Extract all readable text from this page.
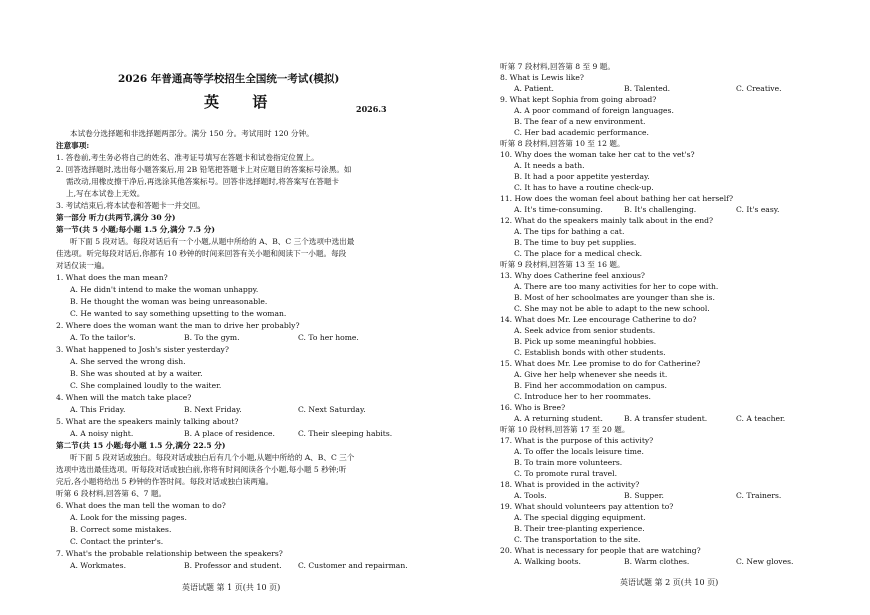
2026 年普通高等学校招生全国统一考试(模拟)
英 语	2026.3
本试卷分选择题和非选择题两部分。满分 150 分。考试用时 120 分钟。
注意事项:
1. 答卷前,考生务必将自己的姓名、准考证号填写在答题卡和试卷指定位置上。
2. 回答选择题时,选出每小题答案后,用 2B 铅笔把答题卡上对应题目的答案标号涂黑。如
需改动,用橡皮擦干净后,再选涂其他答案标号。回答非选择题时,将答案写在答题卡
上,写在本试卷上无效。
3. 考试结束后,将本试卷和答题卡一并交回。
第一部分 听力(共两节,满分 30 分)
第一节(共 5 小题;每小题 1.5 分,满分 7.5 分)
听下面 5 段对话。每段对话后有一个小题,从题中所给的 A、B、C 三个选项中选出最
佳选项。听完每段对话后,你都有 10 秒钟的时间来回答有关小题和阅读下一小题。每段
对话仅读一遍。
1. What does the man mean?
A. He didn't intend to make the woman unhappy.
B. He thought the woman was being unreasonable.
C. He wanted to say something upsetting to the woman.
2. Where does the woman want the man to drive her probably?
A. To the tailor's.	B. To the gym.	C. To her home.
3. What happened to Josh's sister yesterday?
A. She served the wrong dish.
B. She was shouted at by a waiter.
C. She complained loudly to the waiter.
4. When will the match take place?
A. This Friday.	B. Next Friday.	C. Next Saturday.
5. What are the speakers mainly talking about?
A. A noisy night.	B. A place of residence.	C. Their sleeping habits.
第二节(共 15 小题;每小题 1.5 分,满分 22.5 分)
听下面 5 段对话或独白。每段对话或独白后有几个小题,从题中所给的 A、B、C 三个
选项中选出最佳选项。听每段对话或独白前,你将有时间阅读各个小题,每小题 5 秒钟;听
完后,各小题将给出 5 秒钟的作答时间。每段对话或独白读两遍。
听第 6 段材料,回答第 6、7 题。
6. What does the man tell the woman to do?
A. Look for the missing pages.
B. Correct some mistakes.
C. Contact the printer's.
7. What's the probable relationship between the speakers?
A. Workmates.	B. Professor and student. C. Customer and repairman.
英语试题 第 1 页(共 10 页)
听第 7 段材料,回答第 8 至 9 题。
8. What is Lewis like?
A. Patient.	B. Talented.	C. Creative.
9. What kept Sophia from going abroad?
A. A poor command of foreign languages.
B. The fear of a new environment.
C. Her bad academic performance.
听第 8 段材料,回答第 10 至 12 题。
10. Why does the woman take her cat to the vet's?
A. It needs a bath.
B. It had a poor appetite yesterday.
C. It has to have a routine check-up.
11. How does the woman feel about bathing her cat herself?
A. It's time-consuming.	B. It's challenging.	C. It's easy.
12. What do the speakers mainly talk about in the end?
A. The tips for bathing a cat.
B. The time to buy pet supplies.
C. The place for a medical check.
听第 9 段材料,回答第 13 至 16 题。
13. Why does Catherine feel anxious?
A. There are too many activities for her to cope with.
B. Most of her schoolmates are younger than she is.
C. She may not be able to adapt to the new school.
14. What does Mr. Lee encourage Catherine to do?
A. Seek advice from senior students.
B. Pick up some meaningful hobbies.
C. Establish bonds with other students.
15. What does Mr. Lee promise to do for Catherine?
A. Give her help whenever she needs it.
B. Find her accommodation on campus.
C. Introduce her to her roommates.
16. Who is Bree?
A. A returning student.	B. A transfer student.	C. A teacher.
听第 10 段材料,回答第 17 至 20 题。
17. What is the purpose of this activity?
A. To offer the locals leisure time.
B. To train more volunteers.
C. To promote rural travel.
18. What is provided in the activity?
A. Tools.	B. Supper.	C. Trainers.
19. What should volunteers pay attention to?
A. The special digging equipment.
B. Their tree-planting experience.
C. The transportation to the site.
20. What is necessary for people that are watching?
A. Walking boots.	B. Warm clothes.	C. New gloves.
英语试题 第 2 页(共 10 页)
